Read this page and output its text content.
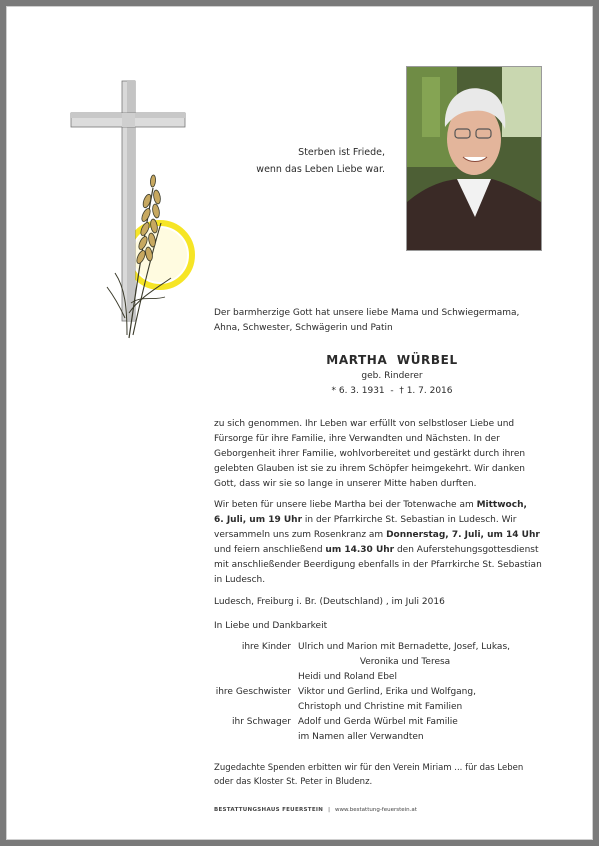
Sterben ist Friede,
wenn das Leben Liebe war.
Der barmherzige Gott hat unsere liebe Mama und Schwiegermama,
Ahna, Schwester, Schwägerin und Patin
MARTHA  WÜRBEL
geb. Rinderer
* 6. 3. 1931  -  † 1. 7. 2016
zu sich genommen. Ihr Leben war erfüllt von selbstloser Liebe und
Fürsorge für ihre Familie, ihre Verwandten und Nächsten. In der
Geborgenheit ihrer Familie, wohlvorbereitet und gestärkt durch ihren
gelebten Glauben ist sie zu ihrem Schöpfer heimgekehrt. Wir danken
Gott, dass wir sie so lange in unserer Mitte haben durften.
Wir beten für unsere liebe Martha bei der Totenwache am Mittwoch,
6. Juli, um 19 Uhr in der Pfarrkirche St. Sebastian in Ludesch. Wir
versammeln uns zum Rosenkranz am Donnerstag, 7. Juli, um 14 Uhr
und feiern anschließend um 14.30 Uhr den Auferstehungsgottesdienst
mit anschließender Beerdigung ebenfalls in der Pfarrkirche St. Sebastian
in Ludesch.
Ludesch, Freiburg i. Br. (Deutschland) , im Juli 2016
In Liebe und Dankbarkeit
ihre Kinder Ulrich und Marion mit Bernadette, Josef, Lukas,
Veronika und Teresa
Heidi und Roland Ebel
ihre Geschwister Viktor und Gerlind, Erika und Wolfgang,
Christoph und Christine mit Familien
ihr Schwager Adolf und Gerda Würbel mit Familie
im Namen aller Verwandten
Zugedachte Spenden erbitten wir für den Verein Miriam ... für das Leben
oder das Kloster St. Peter in Bludenz.
BESTATTUNGSHAUS FEUERSTEIN | www.bestattung-feuerstein.at
